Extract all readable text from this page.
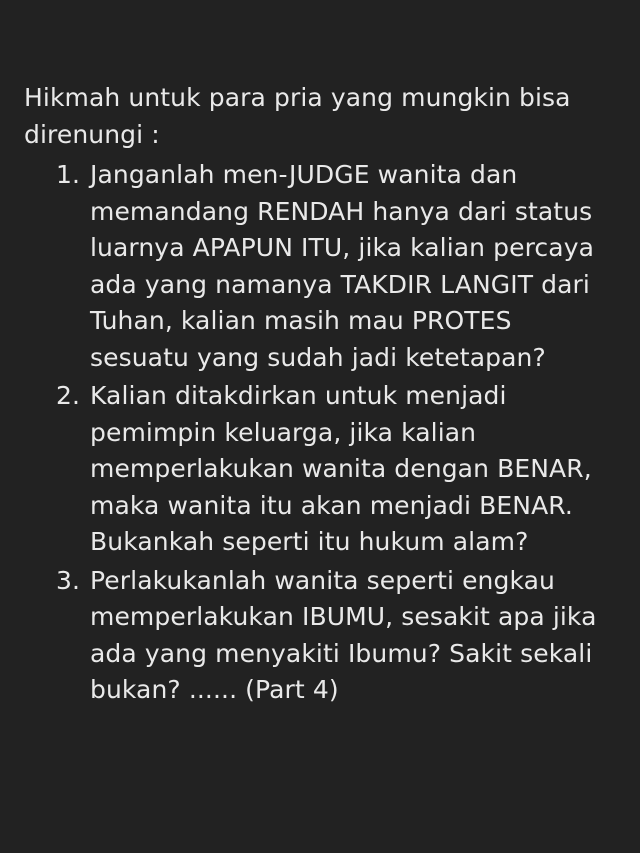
Hikmah untuk para pria yang mungkin bisa direnungi :

Janganlah men-JUDGE wanita dan memandang RENDAH hanya dari status luarnya APAPUN ITU, jika kalian percaya ada yang namanya TAKDIR LANGIT dari Tuhan, kalian masih mau PROTES sesuatu yang sudah jadi ketetapan?
Kalian ditakdirkan untuk menjadi pemimpin keluarga, jika kalian memperlakukan wanita dengan BENAR, maka wanita itu akan menjadi BENAR. Bukankah seperti itu hukum alam?
Perlakukanlah wanita seperti engkau memperlakukan IBUMU, sesakit apa jika ada yang menyakiti Ibumu? Sakit sekali bukan? ...... (Part 4)
